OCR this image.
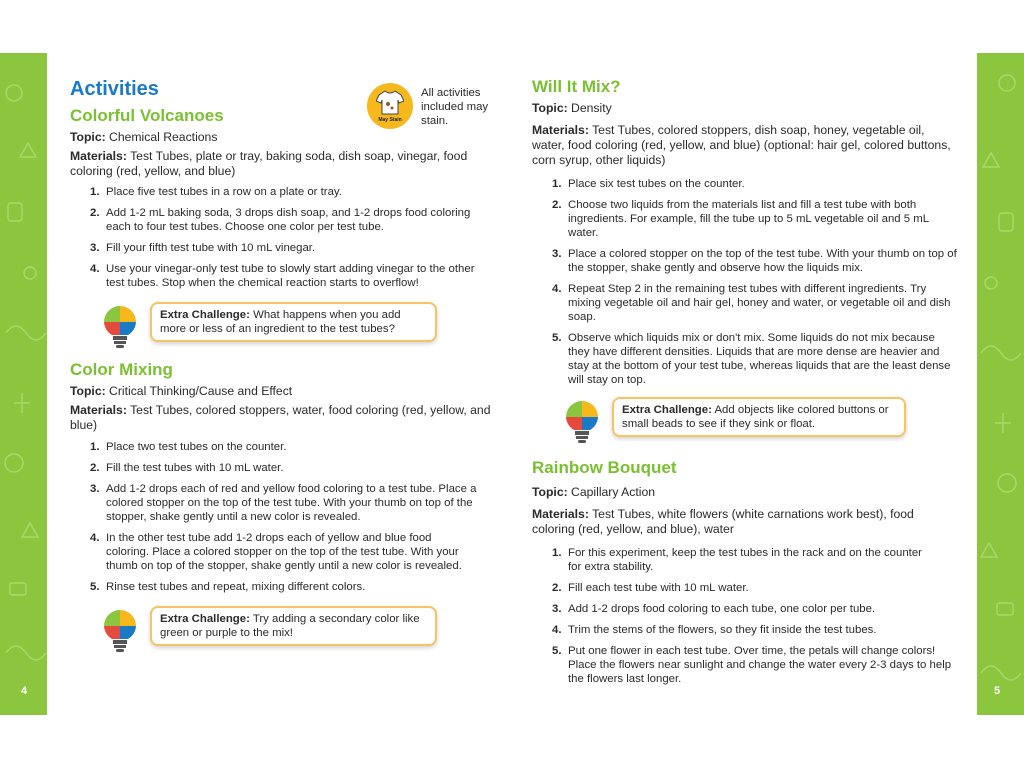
4	5
May Stain
All activities included may stain.
Activities
Colorful Volcanoes

Topic: Chemical Reactions

Materials: Test Tubes, plate or tray, baking soda, dish soap, vinegar, food coloring (red, yellow, and blue)

1. Place five test tubes in a row on a plate or tray.
2. Add 1-2 mL baking soda, 3 drops dish soap, and 1-2 drops food coloring each to four test tubes. Choose one color per test tube.
3. Fill your fifth test tube with 10 mL vinegar.
4. Use your vinegar-only test tube to slowly start adding vinegar to the other test tubes. Stop when the chemical reaction starts to overflow!
Extra Challenge: What happens when you add more or less of an ingredient to the test tubes?
Color Mixing

Topic: Critical Thinking/Cause and Effect

Materials: Test Tubes, colored stoppers, water, food coloring (red, yellow, and blue)

1. Place two test tubes on the counter.
2. Fill the test tubes with 10 mL water.
3. Add 1-2 drops each of red and yellow food coloring to a test tube. Place a colored stopper on the top of the test tube. With your thumb on top of the stopper, shake gently until a new color is revealed.
4. In the other test tube add 1-2 drops each of yellow and blue food coloring. Place a colored stopper on the top of the test tube. With your thumb on top of the stopper, shake gently until a new color is revealed.
5. Rinse test tubes and repeat, mixing different colors.
Extra Challenge: Try adding a secondary color like green or purple to the mix!
Will It Mix?

Topic: Density

Materials: Test Tubes, colored stoppers, dish soap, honey, vegetable oil, water, food coloring (red, yellow, and blue) (optional: hair gel, colored buttons, corn syrup, other liquids)

1. Place six test tubes on the counter.
2. Choose two liquids from the materials list and fill a test tube with both ingredients. For example, fill the tube up to 5 mL vegetable oil and 5 mL water.
3. Place a colored stopper on the top of the test tube. With your thumb on top of the stopper, shake gently and observe how the liquids mix.
4. Repeat Step 2 in the remaining test tubes with different ingredients. Try mixing vegetable oil and hair gel, honey and water, or vegetable oil and dish soap.
5. Observe which liquids mix or don't mix. Some liquids do not mix because they have different densities. Liquids that are more dense are heavier and stay at the bottom of your test tube, whereas liquids that are the least dense will stay on top.
Extra Challenge: Add objects like colored buttons or small beads to see if they sink or float.
Rainbow Bouquet

Topic: Capillary Action

Materials: Test Tubes, white flowers (white carnations work best), food coloring (red, yellow, and blue), water

1. For this experiment, keep the test tubes in the rack and on the counter for extra stability.
2. Fill each test tube with 10 mL water.
3. Add 1-2 drops food coloring to each tube, one color per tube.
4. Trim the stems of the flowers, so they fit inside the test tubes.
5. Put one flower in each test tube. Over time, the petals will change colors! Place the flowers near sunlight and change the water every 2-3 days to help the flowers last longer.
